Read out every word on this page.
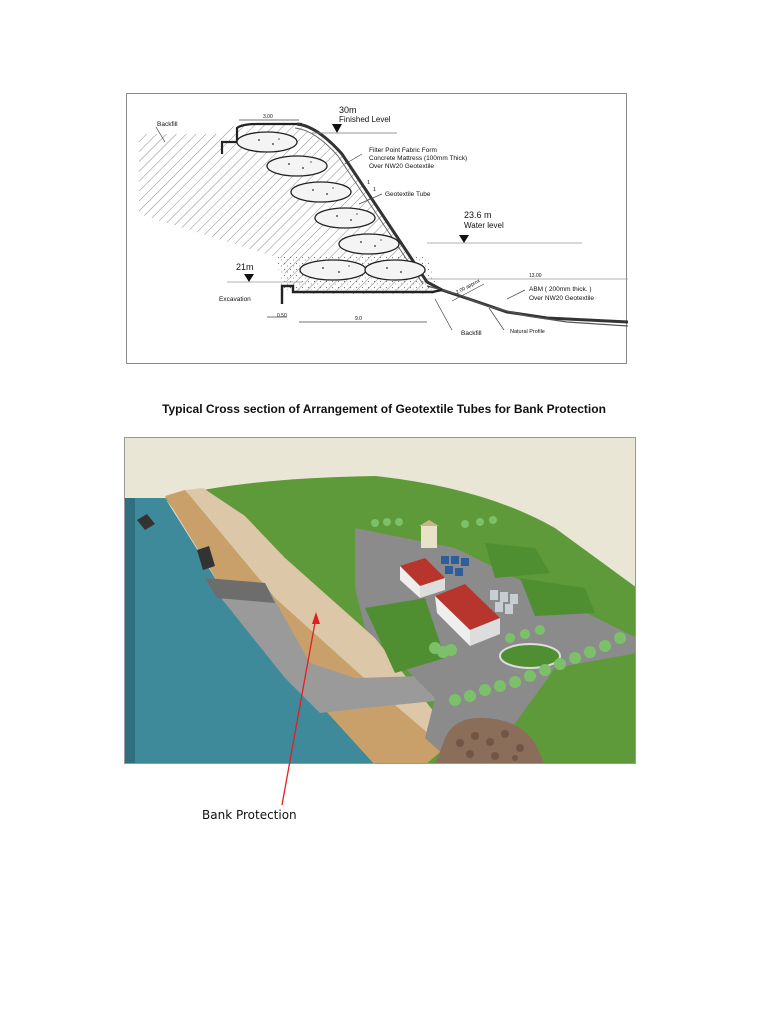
Backfill
30m
Finished Level
Filter Point Fabric Form
Concrete Mattress (100mm Thick)
Over NW20 Geotextile
1
1
Geotextile Tube
23.6 m
Water level
21m
Excavation
3.00
13.00
2.00 approx	ABM ( 200mm thick. )
Over NW20 Geotextile
0.50	9.0
Backfill	Natural Profile
Typical Cross section of Arrangement of Geotextile Tubes for Bank Protection
Bank Protection
